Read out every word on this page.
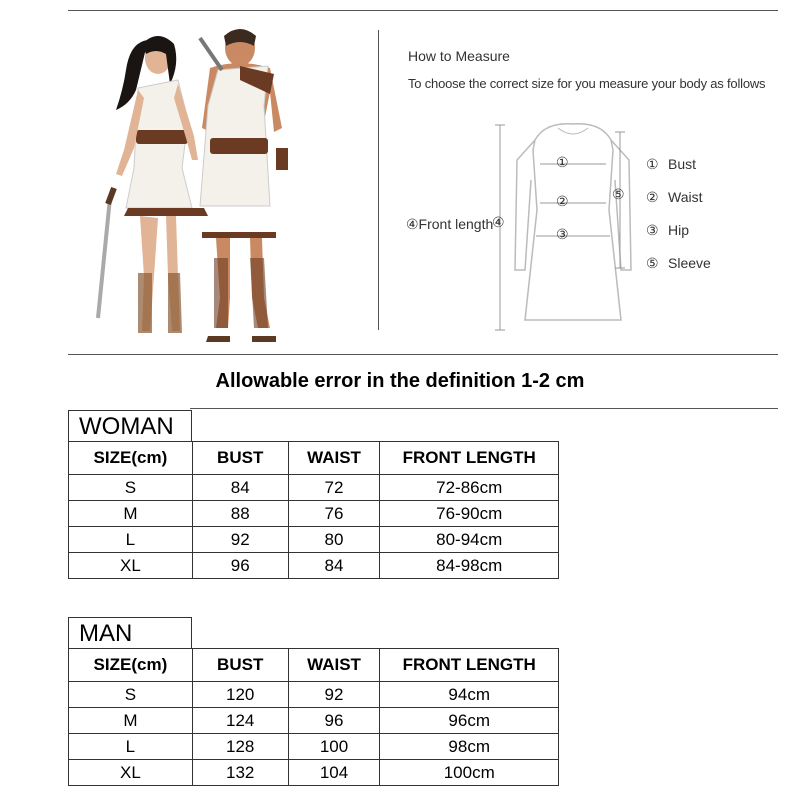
How to Measure
To choose the correct size for you measure your body as follows
①
②
③
④
⑤
④Front length
① Bust
② Waist
③ Hip
⑤ Sleeve
Allowable error in the definition 1-2 cm
WOMAN
SIZE(cm)	BUST	WAIST	FRONT LENGTH
S	84	72	72-86cm
M	88	76	76-90cm
L	92	80	80-94cm
XL	96	84	84-98cm
MAN
SIZE(cm)	BUST	WAIST	FRONT LENGTH
S	120	92	94cm
M	124	96	96cm
L	128	100	98cm
XL	132	104	100cm
